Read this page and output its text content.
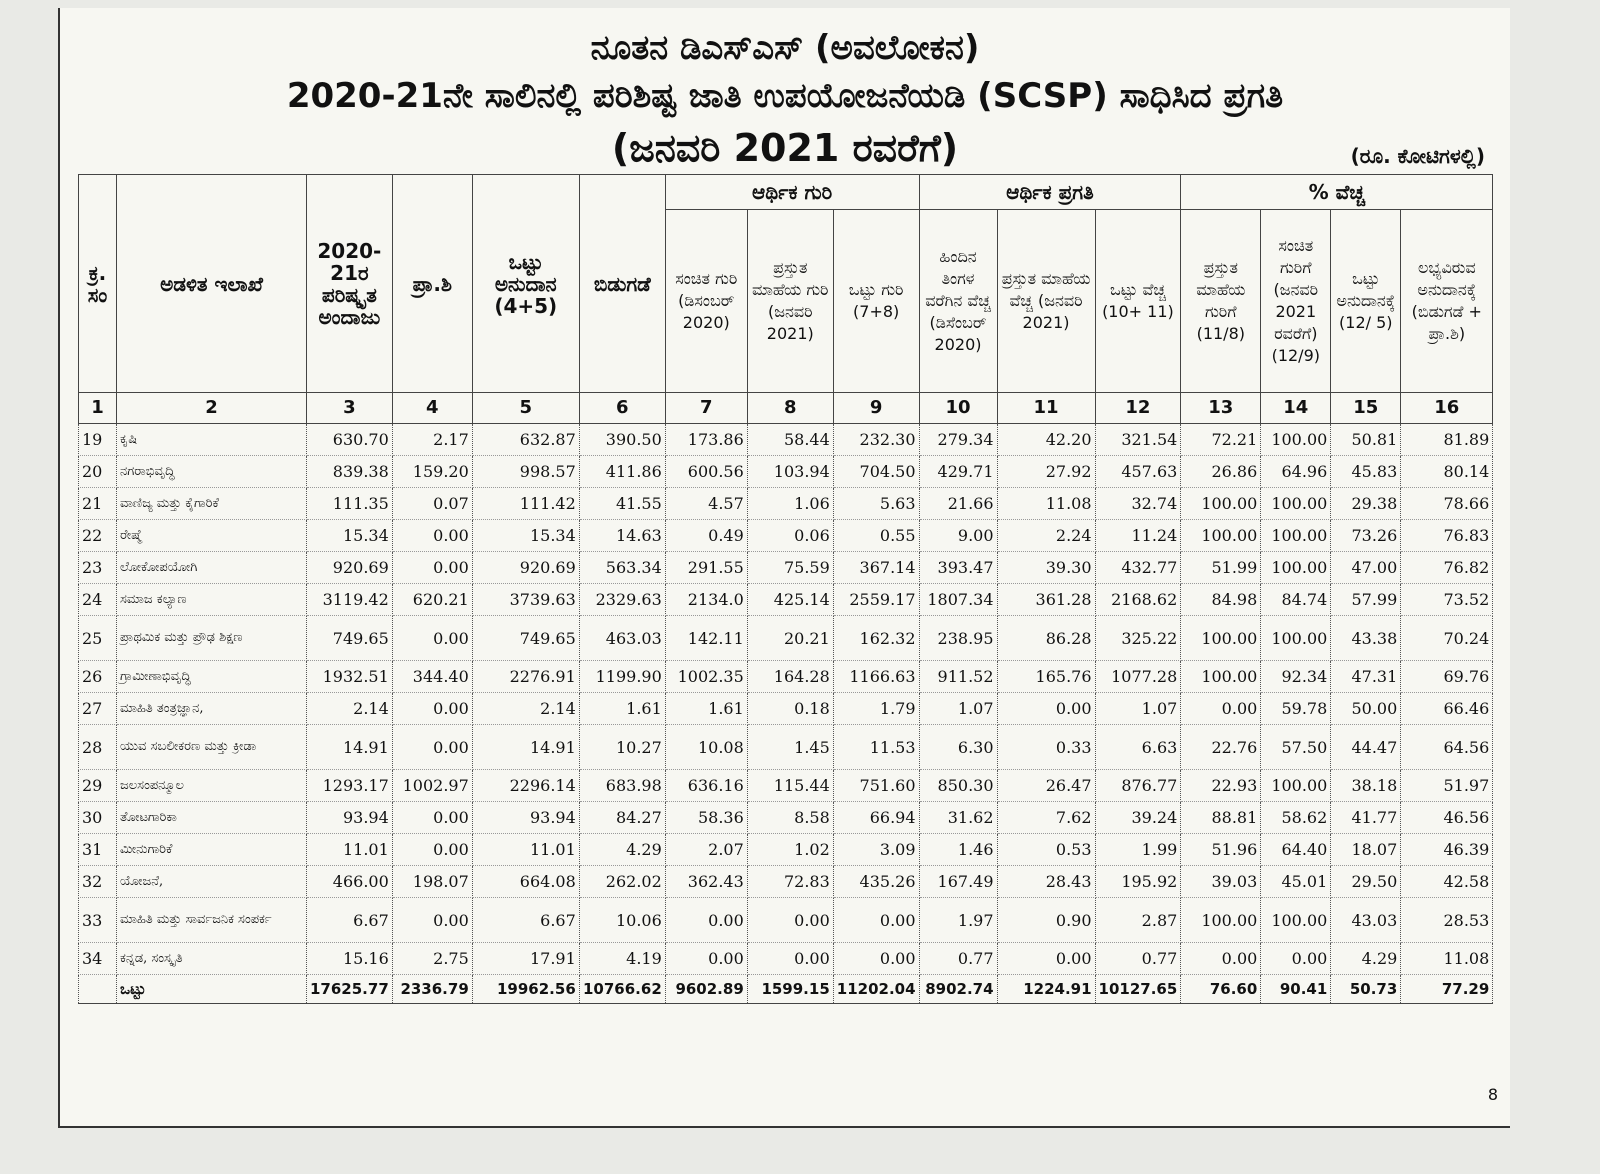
ನೂತನ ಡಿಎಸ್ಎಸ್ (ಅವಲೋಕನ)
2020-21ನೇ ಸಾಲಿನಲ್ಲಿ ಪರಿಶಿಷ್ಟ ಜಾತಿ ಉಪಯೋಜನೆಯಡಿ (SCSP) ಸಾಧಿಸಿದ ಪ್ರಗತಿ
(ಜನವರಿ 2021 ರವರೆಗೆ)	(ರೂ. ಕೋಟಿಗಳಲ್ಲಿ)
ಕ್ರ. ಸಂ	ಅಡಳಿತ ಇಲಾಖೆ	2020-21ರ ಪರಿಷ್ಕೃತ ಅಂದಾಜು	ಪ್ರಾ.ಶಿ	ಒಟ್ಟು ಅನುದಾನ (4+5)	ಬಿಡುಗಡೆ	ಆರ್ಥಿಕ ಗುರಿ			ಆರ್ಥಿಕ ಪ್ರಗತಿ			% ವೆಚ್ಚ			
						ಸಂಚಿತ ಗುರಿ (ಡಿಸಂಬರ್ 2020)	ಪ್ರಸ್ತುತ ಮಾಹೆಯ ಗುರಿ (ಜನವರಿ 2021)	ಒಟ್ಟು ಗುರಿ (7+8)	ಹಿಂದಿನ ತಿಂಗಳ ವರೆಗಿನ ವೆಚ್ಚ (ಡಿಸೆಂಬರ್ 2020)	ಪ್ರಸ್ತುತ ಮಾಹೆಯ ವೆಚ್ಚ (ಜನವರಿ 2021)	ಒಟ್ಟು ವೆಚ್ಚ (10+ 11)	ಪ್ರಸ್ತುತ ಮಾಹೆಯ ಗುರಿಗೆ (11/8)	ಸಂಚಿತ ಗುರಿಗೆ (ಜನವರಿ 2021 ರವರೆಗೆ) (12/9)	ಒಟ್ಟು ಅನುದಾನಕ್ಕೆ (12/ 5)	ಲಭ್ಯವಿರುವ ಅನುದಾನಕ್ಕೆ (ಬಿಡುಗಡೆ + ಪ್ರಾ.ಶಿ)
1	2	3	4	5	6	7	8	9	10	11	12	13	14	15	16
19	ಕೃಷಿ	630.70	2.17	632.87	390.50	173.86	58.44	232.30	279.34	42.20	321.54	72.21	100.00	50.81	81.89
20	ನಗರಾಭಿವೃದ್ಧಿ	839.38	159.20	998.57	411.86	600.56	103.94	704.50	429.71	27.92	457.63	26.86	64.96	45.83	80.14
21	ವಾಣಿಜ್ಯ ಮತ್ತು ಕೈಗಾರಿಕೆ	111.35	0.07	111.42	41.55	4.57	1.06	5.63	21.66	11.08	32.74	100.00	100.00	29.38	78.66
22	ರೇಷ್ಮೆ	15.34	0.00	15.34	14.63	0.49	0.06	0.55	9.00	2.24	11.24	100.00	100.00	73.26	76.83
23	ಲೋಕೋಪಯೋಗಿ	920.69	0.00	920.69	563.34	291.55	75.59	367.14	393.47	39.30	432.77	51.99	100.00	47.00	76.82
24	ಸಮಾಜ ಕಲ್ಯಾಣ	3119.42	620.21	3739.63	2329.63	2134.0	425.14	2559.17	1807.34	361.28	2168.62	84.98	84.74	57.99	73.52
25	ಪ್ರಾಥಮಿಕ ಮತ್ತು ಪ್ರೌಢ ಶಿಕ್ಷಣ	749.65	0.00	749.65	463.03	142.11	20.21	162.32	238.95	86.28	325.22	100.00	100.00	43.38	70.24
26	ಗ್ರಾಮೀಣಾಭಿವೃದ್ಧಿ	1932.51	344.40	2276.91	1199.90	1002.35	164.28	1166.63	911.52	165.76	1077.28	100.00	92.34	47.31	69.76
27	ಮಾಹಿತಿ ತಂತ್ರಜ್ಞಾನ,	2.14	0.00	2.14	1.61	1.61	0.18	1.79	1.07	0.00	1.07	0.00	59.78	50.00	66.46
28	ಯುವ ಸಬಲೀಕರಣ ಮತ್ತು ಕ್ರೀಡಾ	14.91	0.00	14.91	10.27	10.08	1.45	11.53	6.30	0.33	6.63	22.76	57.50	44.47	64.56
29	ಜಲಸಂಪನ್ಮೂಲ	1293.17	1002.97	2296.14	683.98	636.16	115.44	751.60	850.30	26.47	876.77	22.93	100.00	38.18	51.97
30	ತೋಟಗಾರಿಕಾ	93.94	0.00	93.94	84.27	58.36	8.58	66.94	31.62	7.62	39.24	88.81	58.62	41.77	46.56
31	ಮೀನುಗಾರಿಕೆ	11.01	0.00	11.01	4.29	2.07	1.02	3.09	1.46	0.53	1.99	51.96	64.40	18.07	46.39
32	ಯೋಜನೆ,	466.00	198.07	664.08	262.02	362.43	72.83	435.26	167.49	28.43	195.92	39.03	45.01	29.50	42.58
33	ಮಾಹಿತಿ ಮತ್ತು ಸಾರ್ವಜನಿಕ ಸಂಪರ್ಕ	6.67	0.00	6.67	10.06	0.00	0.00	0.00	1.97	0.90	2.87	100.00	100.00	43.03	28.53
34	ಕನ್ನಡ, ಸಂಸ್ಕೃತಿ	15.16	2.75	17.91	4.19	0.00	0.00	0.00	0.77	0.00	0.77	0.00	0.00	4.29	11.08
	ಒಟ್ಟು	17625.77	2336.79	19962.56	10766.62	9602.89	1599.15	11202.04	8902.74	1224.91	10127.65	76.60	90.41	50.73	77.29
8
